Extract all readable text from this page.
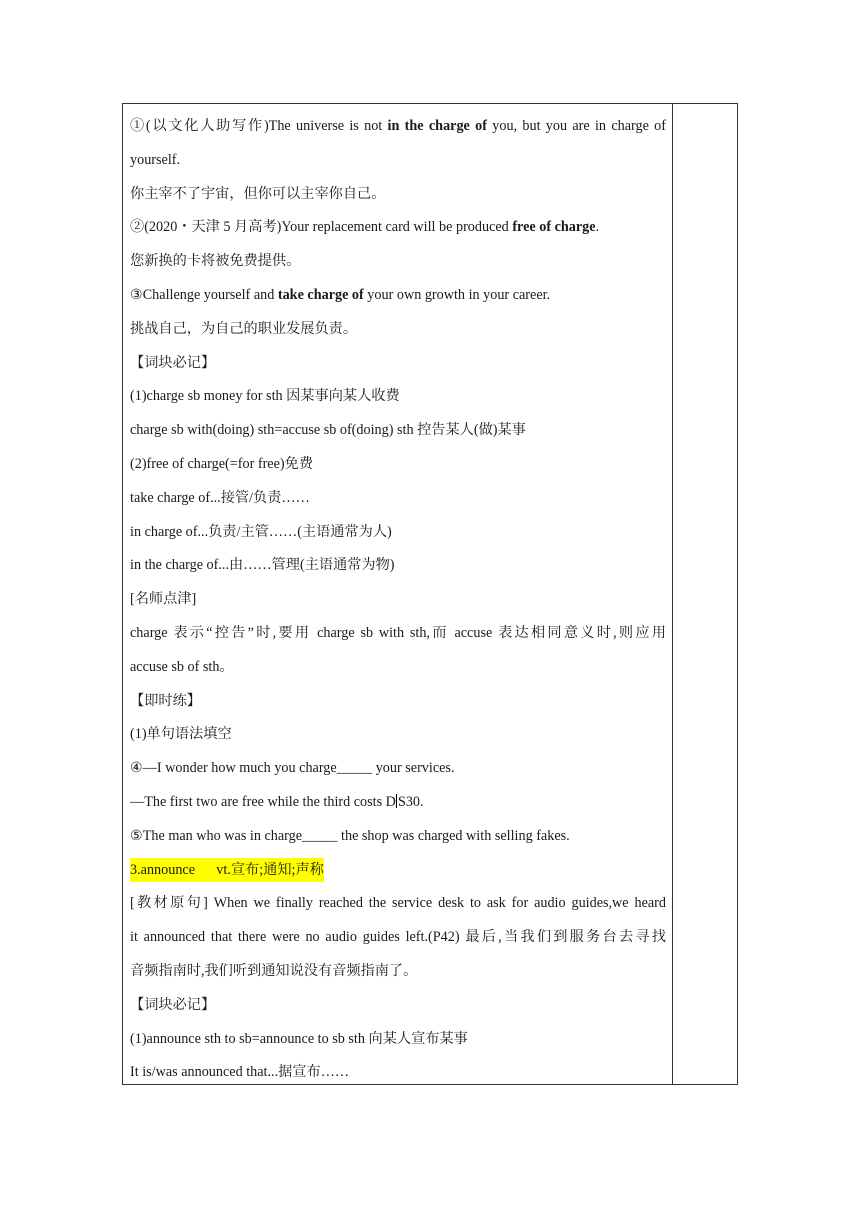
①(以文化人助写作)The universe is not in the charge of you, but you are in charge of
yourself.
你主宰不了宇宙，但你可以主宰你自己。
②(2020・天津 5 月高考)Your replacement card will be produced free of charge.
您新换的卡将被免费提供。
③Challenge yourself and take charge of your own growth in your career.
挑战自己，为自己的职业发展负责。
【词块必记】
(1)charge sb money for sth 因某事向某人收费
charge sb with(doing) sth=accuse sb of(doing) sth 控告某人(做)某事
(2)free of charge(=for free)免费
take charge of...接管/负责……
in charge of...负责/主管……(主语通常为人)
in the charge of...由……管理(主语通常为物)
[名师点津]
charge 表示“控告”时,要用 charge sb with sth,而 accuse 表达相同意义时,则应用
accuse sb of sth。
【即时练】
(1)单句语法填空
④—I wonder how much you charge_____ your services.
—The first two are free while the third costs D S30.
⑤The man who was in charge_____ the shop was charged with selling fakes.
3.announce      vt.宣布;通知;声称
[教材原句] When we finally reached the service desk to ask for audio guides,we heard
it announced that there were no audio guides left.(P42) 最后,当我们到服务台去寻找
音频指南时,我们听到通知说没有音频指南了。
【词块必记】
(1)announce sth to sb=announce to sb sth 向某人宣布某事
It is/was announced that...据宣布……
